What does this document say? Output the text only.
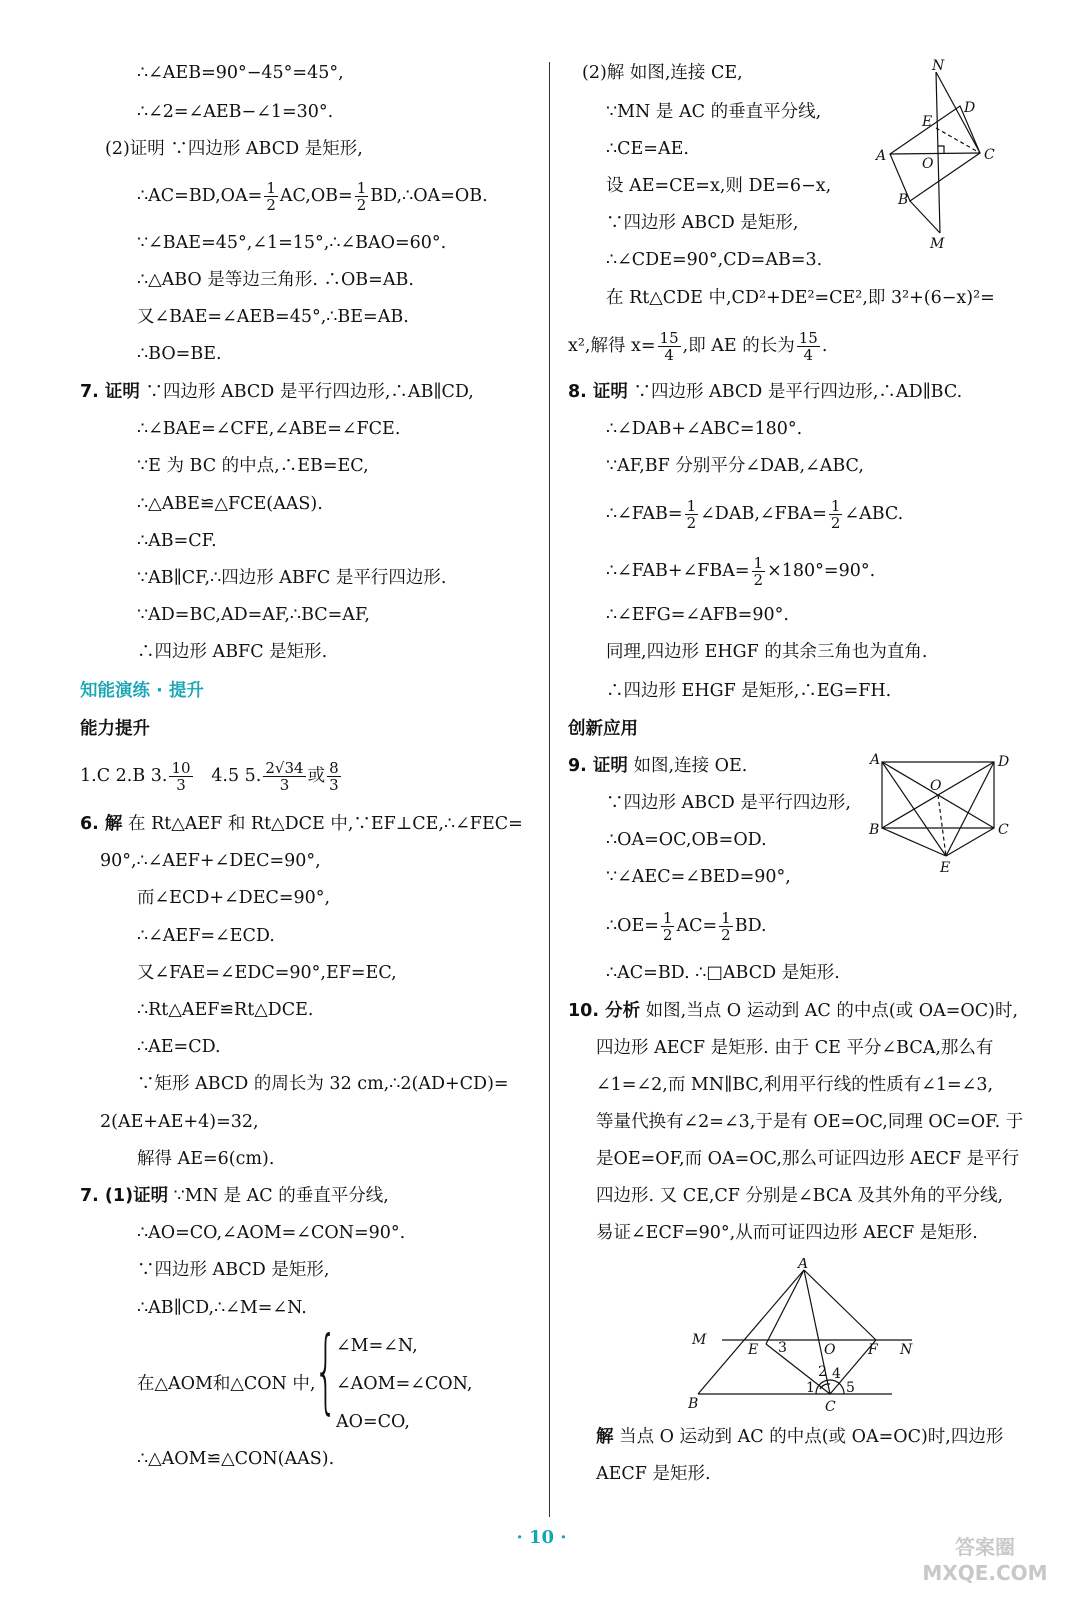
∴∠AEB=90°−45°=45°,
∴∠2=∠AEB−∠1=30°.
(2)证明 ∵四边形 ABCD 是矩形,
∴AC=BD,OA= $\frac{1}{2} AC,OB= \frac{1}{2}$ BD,∴OA=OB.
∵∠BAE=45°,∠1=15°,∴∠BAO=60°.
∴△ABO 是等边三角形. ∴OB=AB.
又∠BAE=∠AEB=45°,∴BE=AB.
∴BO=BE.
7. 证明 ∵四边形 ABCD 是平行四边形,∴AB∥CD,
∴∠BAE=∠CFE,∠ABE=∠FCE.
∵E 为 BC 的中点,∴EB=EC,
∴△ABE≌△FCE(AAS).
∴AB=CF.
∵AB∥CF,∴四边形 ABFC 是平行四边形.
∵AD=BC,AD=AF,∴BC=AF,
∴四边形 ABFC 是矩形.
知能演练 · 提升
能力提升
1.C 2.B 3. $\frac{10}{3} 4.5$ 5. $\frac{2√34}{3}$ 或 $\frac{8}{3}$
6. 解 在 Rt△AEF 和 Rt△DCE 中,∵EF⊥CE,∴∠FEC=
90°,∴∠AEF+∠DEC=90°,
而∠ECD+∠DEC=90°,
∴∠AEF=∠ECD.
又∠FAE=∠EDC=90°,EF=EC,
∴Rt△AEF≌Rt△DCE.
∴AE=CD.
∵矩形 ABCD 的周长为 32 cm,∴2(AD+CD)=
2(AE+AE+4)=32,
解得 AE=6(cm).
7. (1)证明 ∵MN 是 AC 的垂直平分线,
∴AO=CO,∠AOM=∠CON=90°.
∵四边形 ABCD 是矩形,
∴AB∥CD,∴∠M=∠N.
在△AOM和△CON 中,
{
∠M=∠N,
∠AOM=∠CON,
AO=CO,
∴△AOM≌△CON(AAS).
(2)解 如图,连接 CE,
∵MN 是 AC 的垂直平分线,
∴CE=AE.
设 AE=CE=x,则 DE=6−x,
∵四边形 ABCD 是矩形,
∴∠CDE=90°,CD=AB=3.
在 Rt△CDE 中,CD²+DE²=CE²,即 3²+(6−x)²=
x²,解得 $x= \frac{15}{4}$ ,即 AE 的长为 $\frac{15}{4}$ .
8. 证明 ∵四边形 ABCD 是平行四边形,∴AD∥BC.
∴∠DAB+∠ABC=180°.
∵AF,BF 分别平分∠DAB,∠ABC,
∴∠FAB= $\frac{1}{2}$ ∠DAB,∠FBA= $\frac{1}{2}$ ∠ABC.
∴∠FAB+∠FBA= $\frac{1}{2} \times 180^\circ=90^\circ$.
∴∠EFG=∠AFB=90°.
同理,四边形 EHGF 的其余三角也为直角.
∴四边形 EHGF 是矩形,∴EG=FH.
创新应用
9. 证明 如图,连接 OE.
∵四边形 ABCD 是平行四边形,
∴OA=OC,OB=OD.
∵∠AEC=∠BED=90°,
∴OE= $\frac{1}{2} AC= \frac{1}{2}$ BD.
∴AC=BD. ∴□ABCD 是矩形.
10. 分析 如图,当点 O 运动到 AC 的中点(或 OA=OC)时,
四边形 AECF 是矩形. 由于 CE 平分∠BCA,那么有
∠1=∠2,而 MN∥BC,利用平行线的性质有∠1=∠3,
等量代换有∠2=∠3,于是有 OE=OC,同理 OC=OF. 于
是OE=OF,而 OA=OC,那么可证四边形 AECF 是平行
四边形. 又 CE,CF 分别是∠BCA 及其外角的平分线,
易证∠ECF=90°,从而可证四边形 AECF 是矩形.
解 当点 O 运动到 AC 的中点(或 OA=OC)时,四边形
AECF 是矩形.
N
D
E
A	O
C
B
M
A	D
O
B	C
E
A
M
E 3	O F N
2 4
1 5
B	C
· 10 ·	答案圈 MXQE.COM
